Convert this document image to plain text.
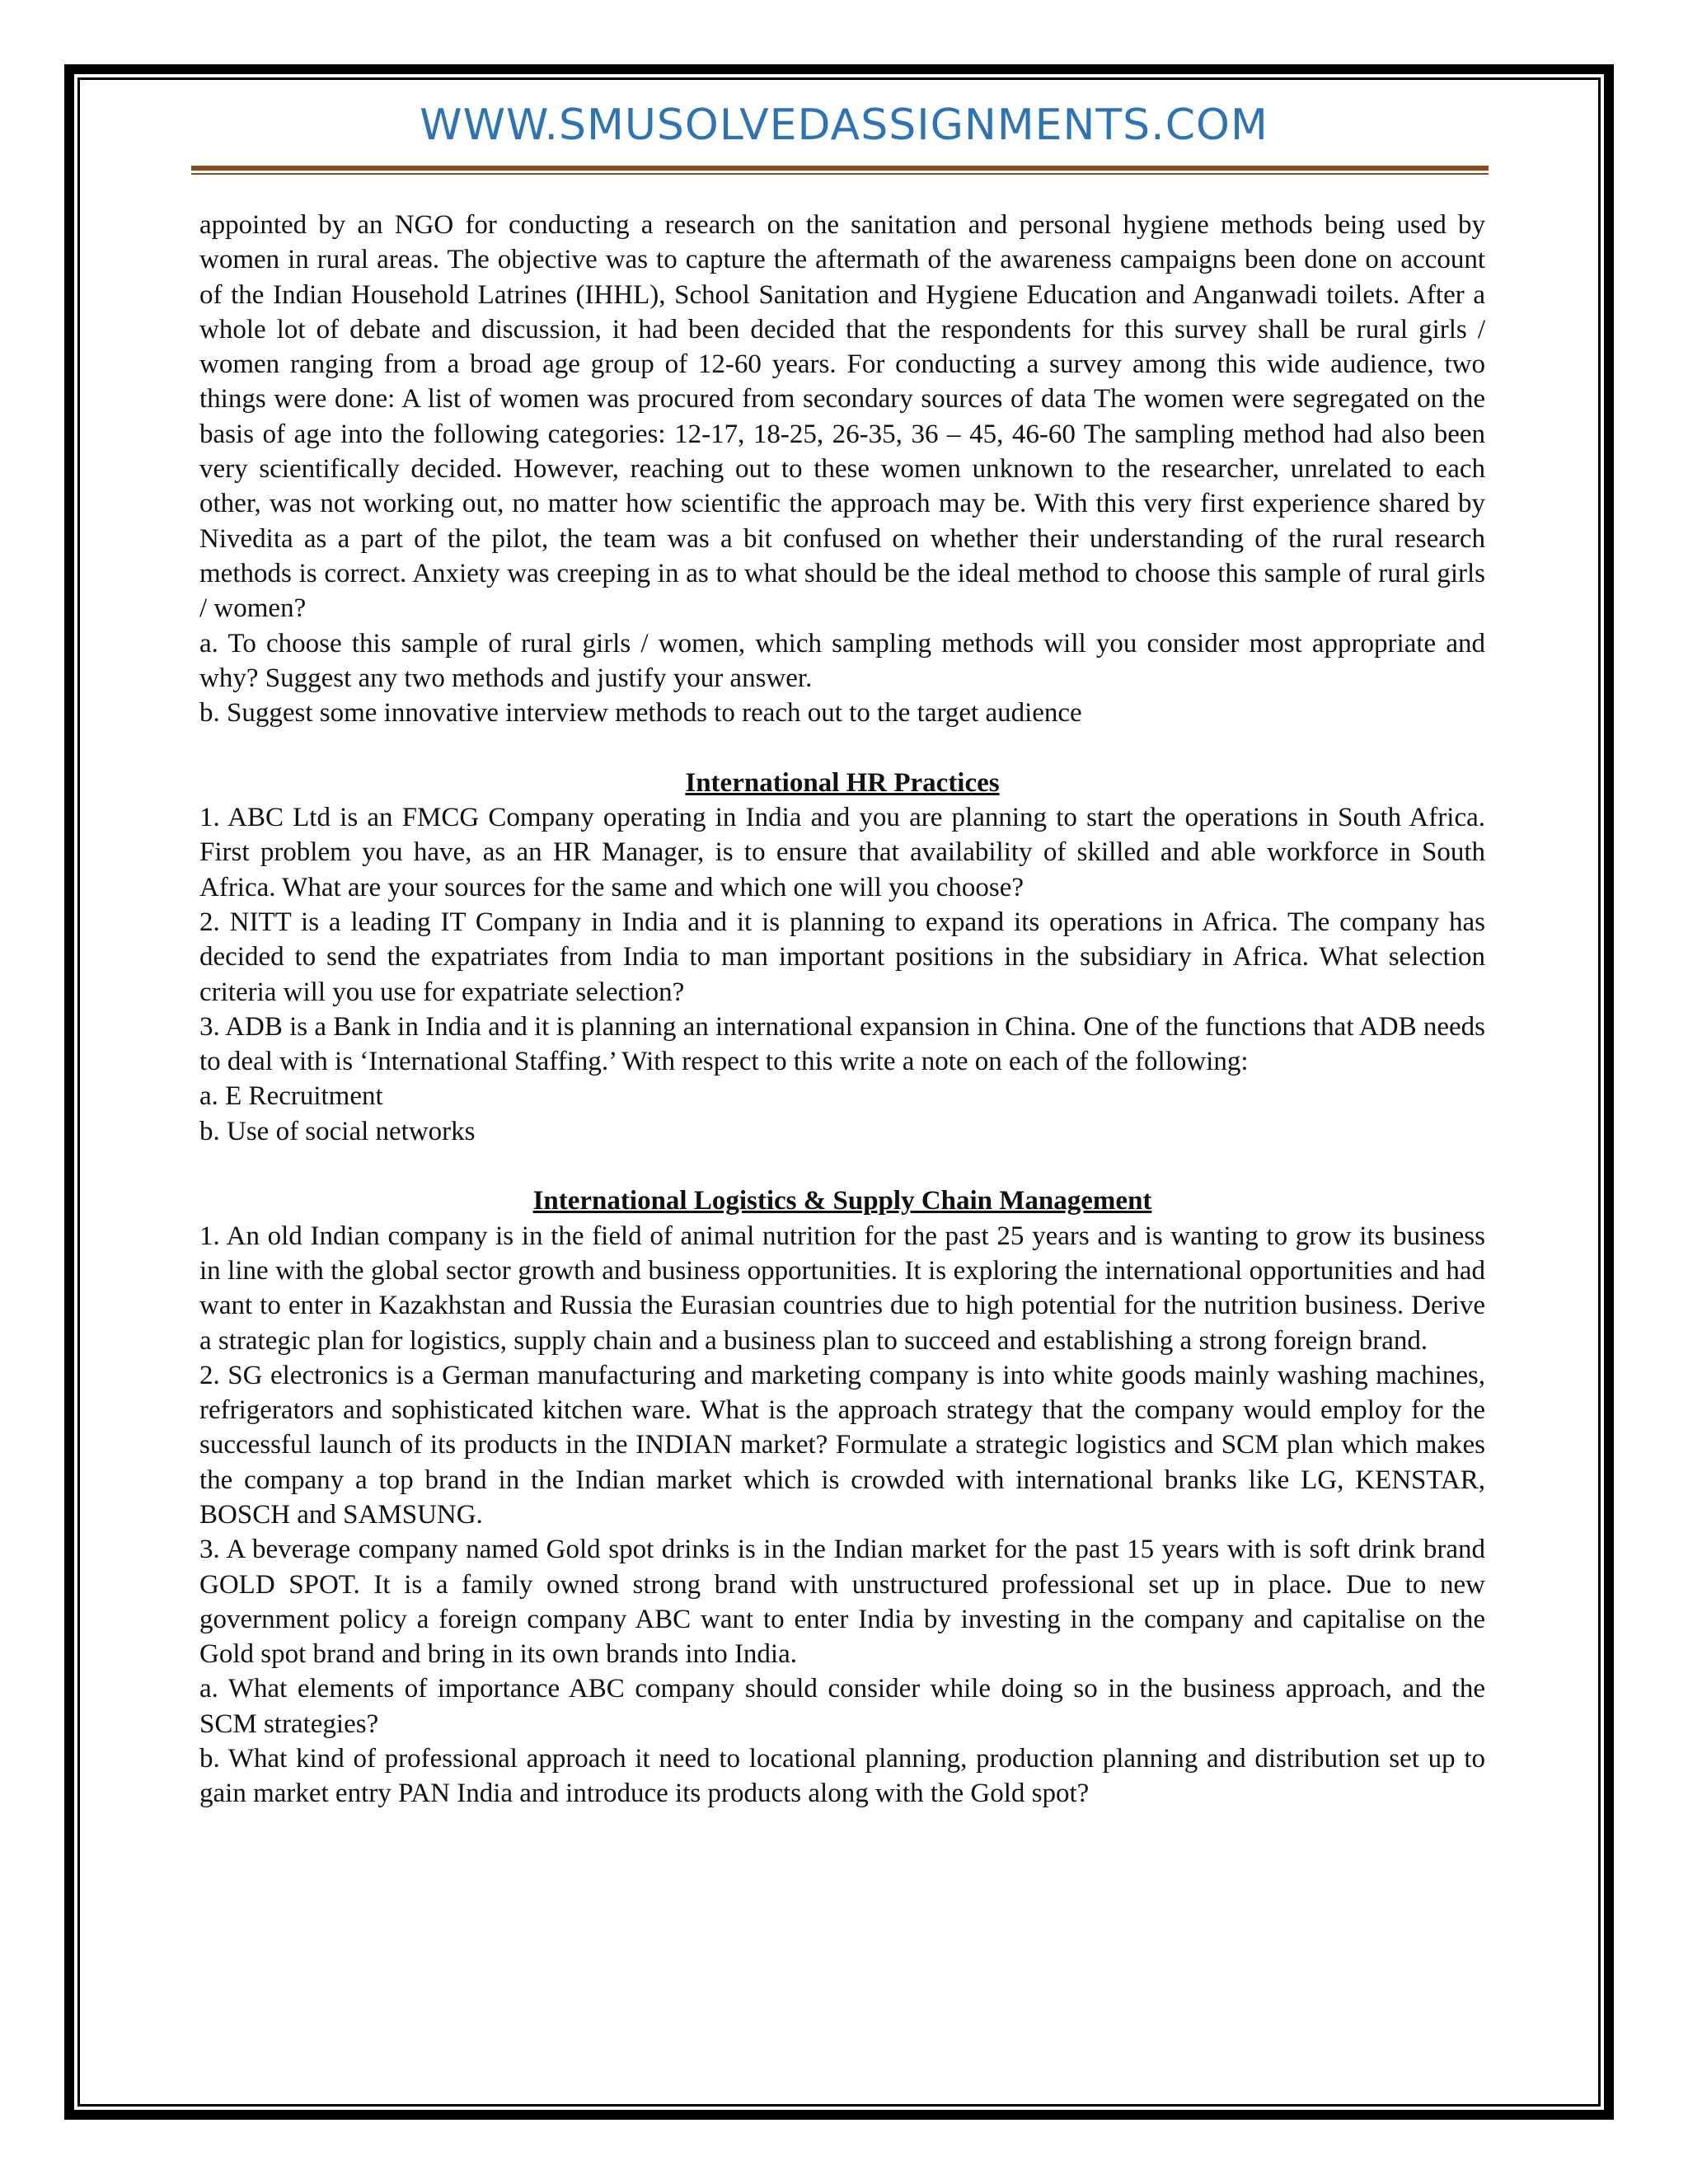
WWW.SMUSOLVEDASSIGNMENTS.COM

appointed by an NGO for conducting a research on the sanitation and personal hygiene methods being used by women in rural areas. The objective was to capture the aftermath of the awareness campaigns been done on account of the Indian Household Latrines (IHHL), School Sanitation and Hygiene Education and Anganwadi toilets. After a whole lot of debate and discussion, it had been decided that the respondents for this survey shall be rural girls / women ranging from a broad age group of 12-60 years. For conducting a survey among this wide audience, two things were done: A list of women was procured from secondary sources of data The women were segregated on the basis of age into the following categories: 12-17, 18-25, 26-35, 36 – 45, 46-60 The sampling method had also been very scientifically decided. However, reaching out to these women unknown to the researcher, unrelated to each other, was not working out, no matter how scientific the approach may be. With this very first experience shared by Nivedita as a part of the pilot, the team was a bit confused on whether their understanding of the rural research methods is correct. Anxiety was creeping in as to what should be the ideal method to choose this sample of rural girls / women?

a. To choose this sample of rural girls / women, which sampling methods will you consider most appropriate and why? Suggest any two methods and justify your answer.

b. Suggest some innovative interview methods to reach out to the target audience

International HR Practices

1. ABC Ltd is an FMCG Company operating in India and you are planning to start the operations in South Africa. First problem you have, as an HR Manager, is to ensure that availability of skilled and able workforce in South Africa. What are your sources for the same and which one will you choose?

2. NITT is a leading IT Company in India and it is planning to expand its operations in Africa. The company has decided to send the expatriates from India to man important positions in the subsidiary in Africa. What selection criteria will you use for expatriate selection?

3. ADB is a Bank in India and it is planning an international expansion in China. One of the functions that ADB needs to deal with is ‘International Staffing.’ With respect to this write a note on each of the following:

a. E Recruitment

b. Use of social networks

International Logistics & Supply Chain Management

1. An old Indian company is in the field of animal nutrition for the past 25 years and is wanting to grow its business in line with the global sector growth and business opportunities. It is exploring the international opportunities and had want to enter in Kazakhstan and Russia the Eurasian countries due to high potential for the nutrition business. Derive a strategic plan for logistics, supply chain and a business plan to succeed and establishing a strong foreign brand.

2. SG electronics is a German manufacturing and marketing company is into white goods mainly washing machines, refrigerators and sophisticated kitchen ware. What is the approach strategy that the company would employ for the successful launch of its products in the INDIAN market? Formulate a strategic logistics and SCM plan which makes the company a top brand in the Indian market which is crowded with international branks like LG, KENSTAR, BOSCH and SAMSUNG.

3. A beverage company named Gold spot drinks is in the Indian market for the past 15 years with is soft drink brand GOLD SPOT. It is a family owned strong brand with unstructured professional set up in place. Due to new government policy a foreign company ABC want to enter India by investing in the company and capitalise on the Gold spot brand and bring in its own brands into India.

a. What elements of importance ABC company should consider while doing so in the business approach, and the SCM strategies?

b. What kind of professional approach it need to locational planning, production planning and distribution set up to gain market entry PAN India and introduce its products along with the Gold spot?
